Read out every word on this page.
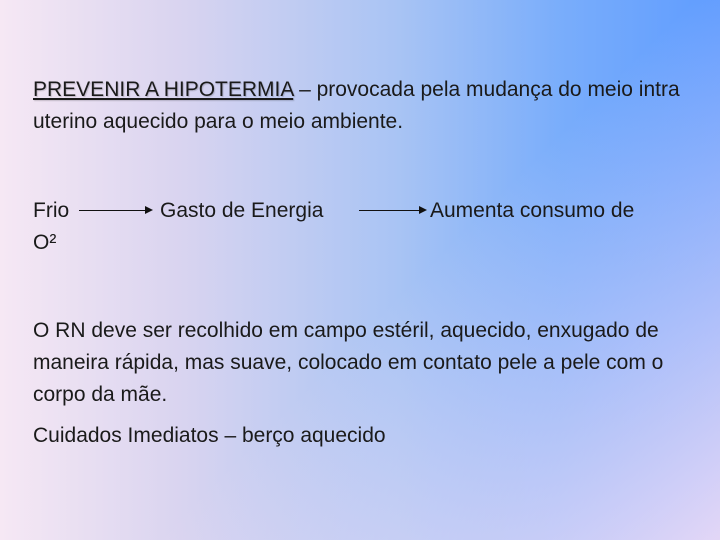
PREVENIR A HIPOTERMIA – provocada pela mudança do meio intra uterino aquecido para o meio ambiente.

Frio	Gasto de Energia	Aumenta consumo de
O²

O RN deve ser recolhido em campo estéril, aquecido, enxugado de maneira rápida, mas suave, colocado em contato pele a pele com o corpo da mãe.

Cuidados Imediatos – berço aquecido
